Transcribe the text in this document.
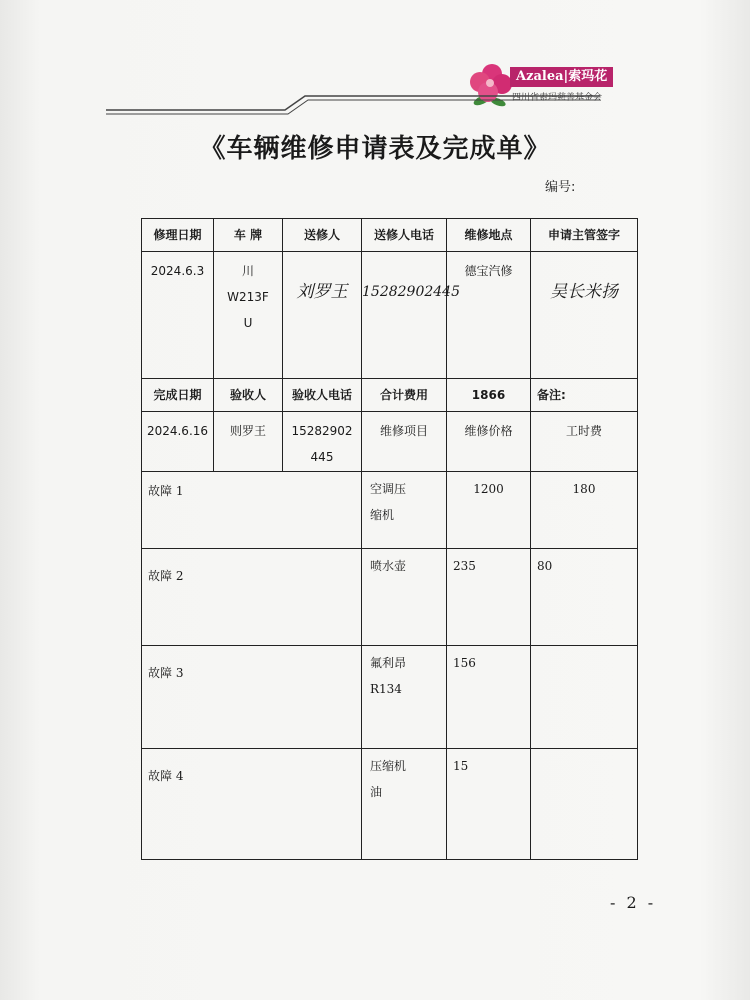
Azalea|索玛花
四川省索玛慈善基金会
《车辆维修申请表及完成单》
编号:
修理日期	车 牌	送修人	送修人电话	维修地点	申请主管签字
2024.6.3	川
W213F
U	刘罗王	15282902445	德宝汽修	吴长米扬

完成日期	验收人	验收人电话	合计费用	1866	备注:
2024.6.16	则罗王	15282902
445	维修项目	维修价格	工时费
故障 1			空调压
缩机	1200	180
故障 2			喷水壶	235	80
故障 3			氟利昂
R134	156	
故障 4			压缩机
油	15	
- 2 -
